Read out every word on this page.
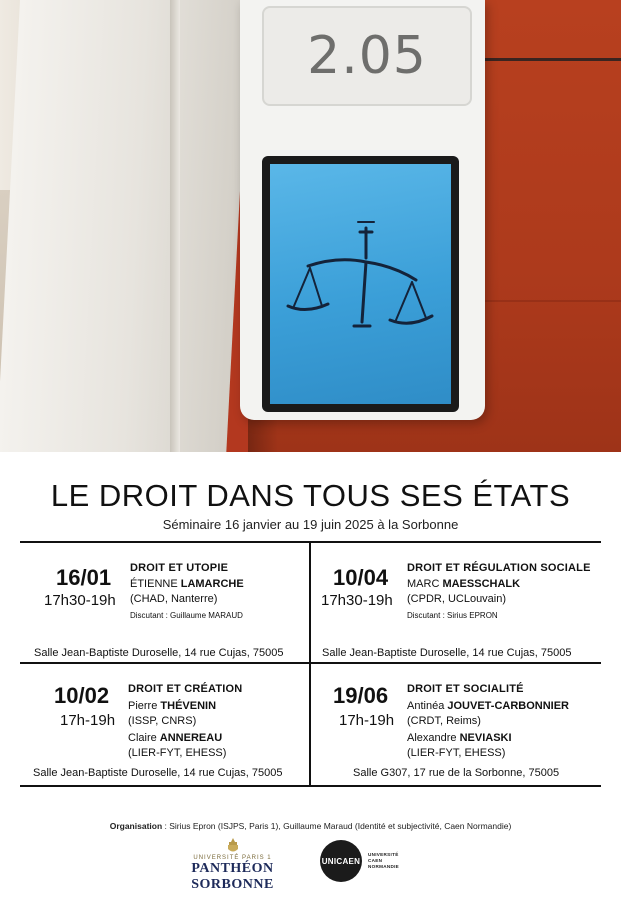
2.05
LE DROIT DANS TOUS SES ÉTATS
Séminaire 16 janvier au 19 juin 2025 à la Sorbonne
16/01
17h30-19h
DROIT ET UTOPIE
ÉTIENNE LAMARCHE
(CHAD, Nanterre)
Discutant : Guillaume MARAUD
Salle Jean-Baptiste Duroselle, 14 rue Cujas, 75005
10/04
17h30-19h
DROIT ET RÉGULATION SOCIALE
MARC MAESSCHALK
(CPDR, UCLouvain)
Discutant : Sirius EPRON
Salle Jean-Baptiste Duroselle, 14 rue Cujas, 75005
10/02
17h-19h
DROIT ET CRÉATION
Pierre THÉVENIN
(ISSP, CNRS)
Claire ANNEREAU
(LIER-FYT, EHESS)
Salle Jean-Baptiste Duroselle, 14 rue Cujas, 75005
19/06
17h-19h
DROIT ET SOCIALITÉ
Antinéa JOUVET-CARBONNIER
(CRDT, Reims)
Alexandre NEVIASKI
(LIER-FYT, EHESS)
Salle G307, 17 rue de la Sorbonne, 75005
Organisation : Sirius Epron (ISJPS, Paris 1), Guillaume Maraud (Identité et subjectivité, Caen Normandie)
UNIVERSITÉ PARIS 1
PANTHÉON SORBONNE
UNICAEN
UNIVERSITÉ
CAEN
NORMANDIE
